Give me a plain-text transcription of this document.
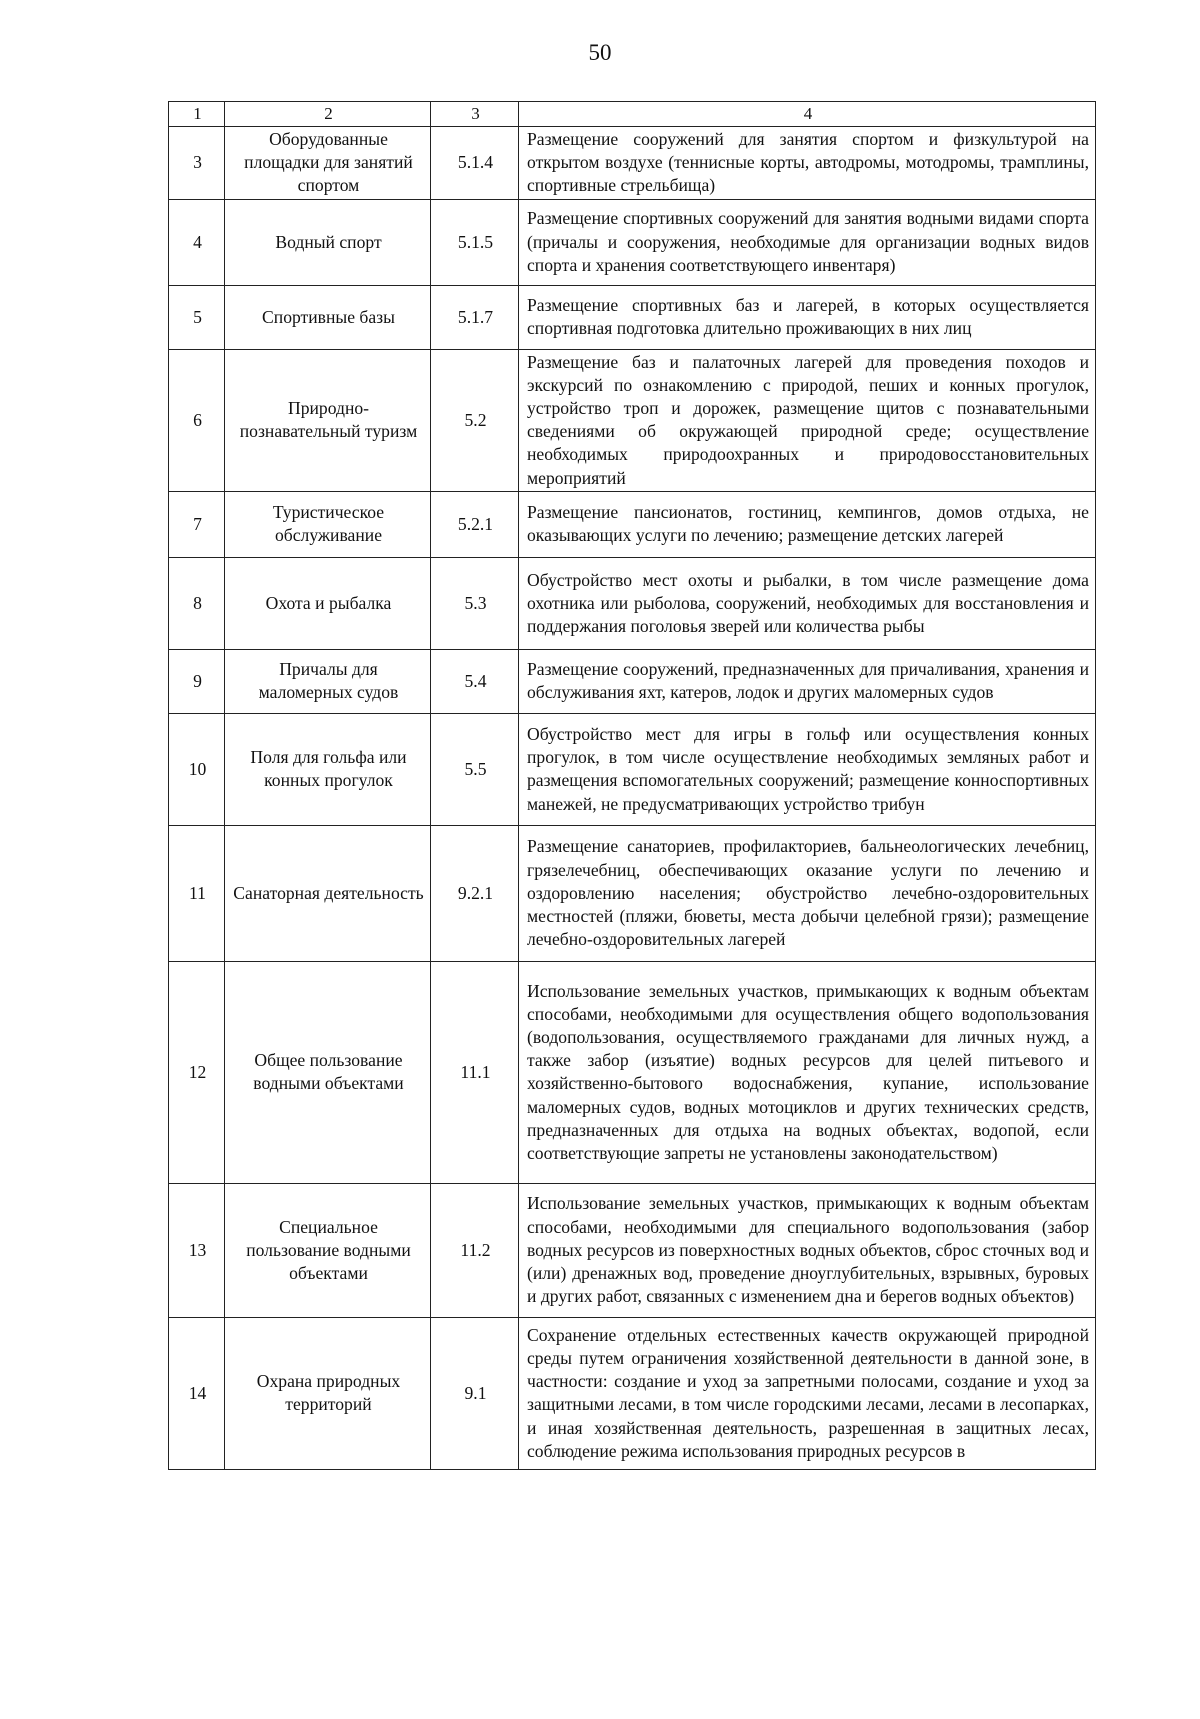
50
1	2	3	4
3	Оборудованные площадки для занятий спортом	5.1.4	Размещение сооружений для занятия спортом и физкультурой на открытом воздухе (теннисные корты, автодромы, мотодромы, трамплины, спортивные стрельбища)
4	Водный спорт	5.1.5	Размещение спортивных сооружений для занятия водными видами спорта (причалы и сооружения, необходимые для организации водных видов спорта и хранения соответствующего инвентаря)
5	Спортивные базы	5.1.7	Размещение спортивных баз и лагерей, в которых осуществляется спортивная подготовка длительно проживающих в них лиц
6	Природно-познавательный туризм	5.2	Размещение баз и палаточных лагерей для проведения походов и экскурсий по ознакомлению с природой, пеших и конных прогулок, устройство троп и дорожек, размещение щитов с познавательными сведениями об окружающей природной среде; осуществление необходимых природоохранных и природовосстановительных мероприятий
7	Туристическое обслуживание	5.2.1	Размещение пансионатов, гостиниц, кемпингов, домов отдыха, не оказывающих услуги по лечению; размещение детских лагерей
8	Охота и рыбалка	5.3	Обустройство мест охоты и рыбалки, в том числе размещение дома охотника или рыболова, сооружений, необходимых для восстановления и поддержания поголовья зверей или количества рыбы
9	Причалы для маломерных судов	5.4	Размещение сооружений, предназначенных для причаливания, хранения и обслуживания яхт, катеров, лодок и других маломерных судов
10	Поля для гольфа или конных прогулок	5.5	Обустройство мест для игры в гольф или осуществления конных прогулок, в том числе осуществление необходимых земляных работ и размещения вспомогательных сооружений; размещение конноспортивных манежей, не предусматривающих устройство трибун
11	Санаторная деятельность	9.2.1	Размещение санаториев, профилакториев, бальнеологических лечебниц, грязелечебниц, обеспечивающих оказание услуги по лечению и оздоровлению населения; обустройство лечебно-оздоровительных местностей (пляжи, бюветы, места добычи целебной грязи); размещение лечебно-оздоровительных лагерей
12	Общее пользование водными объектами	11.1	Использование земельных участков, примыкающих к водным объектам способами, необходимыми для осуществления общего водопользования (водопользования, осуществляемого гражданами для личных нужд, а также забор (изъятие) водных ресурсов для целей питьевого и хозяйственно-бытового водоснабжения, купание, использование маломерных судов, водных мотоциклов и других технических средств, предназначенных для отдыха на водных объектах, водопой, если соответствующие запреты не установлены законодательством)
13	Специальное пользование водными объектами	11.2	Использование земельных участков, примыкающих к водным объектам способами, необходимыми для специального водопользования (забор водных ресурсов из поверхностных водных объектов, сброс сточных вод и (или) дренажных вод, проведение дноуглубительных, взрывных, буровых и других работ, связанных с изменением дна и берегов водных объектов)
14	Охрана природных территорий	9.1	Сохранение отдельных естественных качеств окружающей природной среды путем ограничения хозяйственной деятельности в данной зоне, в частности: создание и уход за запретными полосами, создание и уход за защитными лесами, в том числе городскими лесами, лесами в лесопарках, и иная хозяйственная деятельность, разрешенная в защитных лесах, соблюдение режима использования природных ресурсов в
